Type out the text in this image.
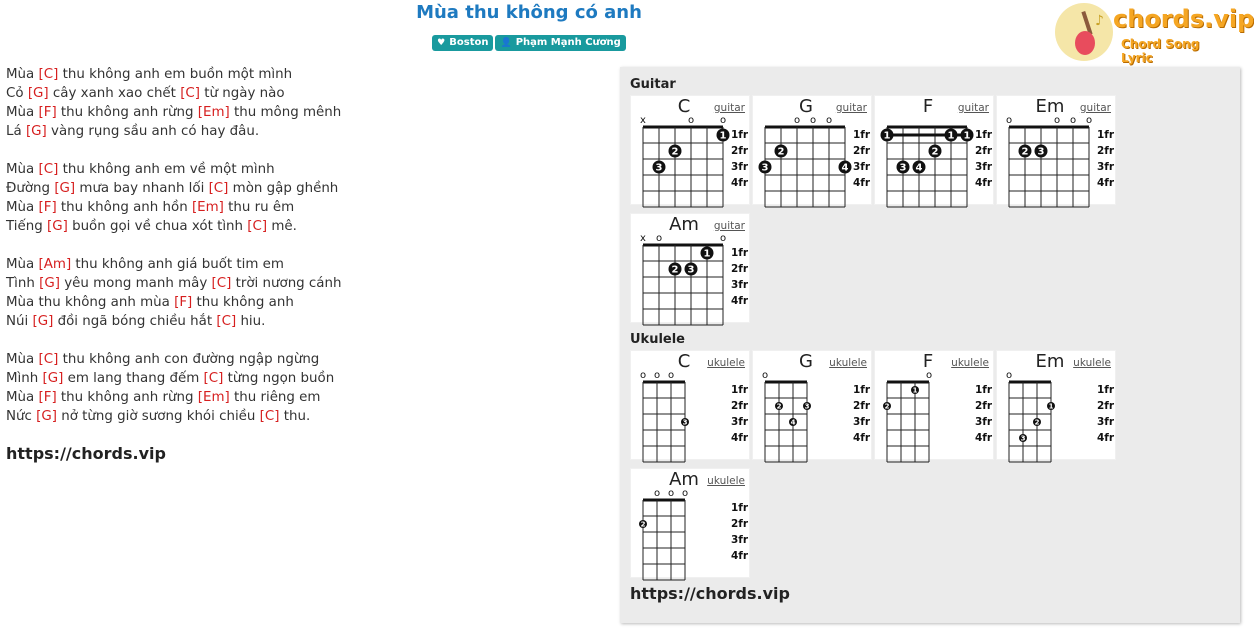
Mùa thu không có anh
♥ Boston 👤 Phạm Mạnh Cương
♪ chords.vip
Chord Song Lyric
Mùa [C] thu không anh em buồn một mình
Cỏ [G] cây xanh xao chết [C] từ ngày nào
Mùa [F] thu không anh rừng [Em] thu mông mênh
Lá [G] vàng rụng sầu anh có hay đâu.
Mùa [C] thu không anh em về một mình
Đường [G] mưa bay nhanh lối [C] mòn gập ghềnh
Mùa [F] thu không anh hồn [Em] thu ru êm
Tiếng [G] buồn gọi về chua xót tình [C] mê.
Mùa [Am] thu không anh giá buốt tim em
Tình [G] yêu mong manh mây [C] trời nương cánh
Mùa thu không anh mùa [F] thu không anh
Núi [G] đồi ngã bóng chiều hắt [C] hiu.
Mùa [C] thu không anh con đường ngập ngừng
Mình [G] em lang thang đếm [C] từng ngọn buồn
Mùa [F] thu không anh rừng [Em] thu riêng em
Nức [G] nở từng giờ sương khói chiều [C] thu.
https://chords.vip
Guitar
C	guitar
1fr
2fr
3fr
4fr
x	o	o
1
2
3
G	guitar
1fr
2fr
3fr
4fr
o o o
2
3	4
F	guitar
1fr
2fr
3fr
4fr
1	1 1
2
3 4
Em	guitar
1fr
2fr
3fr
4fr
o	o o o
2 3
Am	guitar
1fr
2fr
3fr
4fr
x o	o
1
2 3
Ukulele
C	ukulele
1fr
2fr
3fr
4fr
o o o
3
G	ukulele
1fr
2fr
3fr
4fr
o
2	3
4
F	ukulele
1fr
2fr
3fr
4fr
o
1
2
Em ukulele
1fr
2fr
3fr
4fr
o
1
2
3
Am ukulele
1fr
2fr
3fr
4fr
o o o
2
https://chords.vip
